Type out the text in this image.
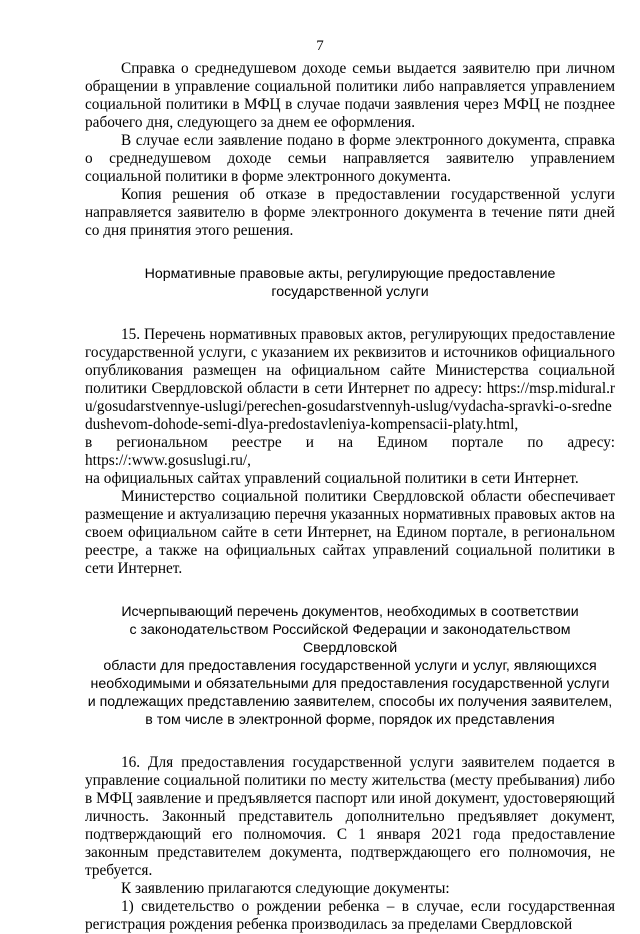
7

Справка о среднедушевом доходе семьи выдается заявителю при личном обращении в управление социальной политики либо направляется управлением социальной политики в МФЦ в случае подачи заявления через МФЦ не позднее рабочего дня, следующего за днем ее оформления.

В случае если заявление подано в форме электронного документа, справка о среднедушевом доходе семьи направляется заявителю управлением социальной политики в форме электронного документа.

Копия решения об отказе в предоставлении государственной услуги направляется заявителю в форме электронного документа в течение пяти дней со дня принятия этого решения.

Нормативные правовые акты, регулирующие предоставление
государственной услуги

15. Перечень нормативных правовых актов, регулирующих предоставление государственной услуги, с указанием их реквизитов и источников официального опубликования размещен на официальном сайте Министерства социальной политики Свердловской области в сети Интернет по адресу: https://msp.midural.ru/gosudarstvennye-uslugi/perechen-gosudarstvennyh-uslug/vydacha-spravki-o-srednedushevom-dohode-semi-dlya-predostavleniya-kompensacii-platy.html,

в региональном реестре и на Едином портале по адресу: https://:www.gosuslugi.ru/,

на официальных сайтах управлений социальной политики в сети Интернет.

Министерство социальной политики Свердловской области обеспечивает размещение и актуализацию перечня указанных нормативных правовых актов на своем официальном сайте в сети Интернет, на Едином портале, в региональном реестре, а также на официальных сайтах управлений социальной политики в сети Интернет.

Исчерпывающий перечень документов, необходимых в соответствии
с законодательством Российской Федерации и законодательством Свердловской
области для предоставления государственной услуги и услуг, являющихся
необходимыми и обязательными для предоставления государственной услуги
и подлежащих представлению заявителем, способы их получения заявителем,
в том числе в электронной форме, порядок их представления

16. Для предоставления государственной услуги заявителем подается в управление социальной политики по месту жительства (месту пребывания) либо в МФЦ заявление и предъявляется паспорт или иной документ, удостоверяющий личность. Законный представитель дополнительно предъявляет документ, подтверждающий его полномочия. С 1 января 2021 года предоставление законным представителем документа, подтверждающего его полномочия, не требуется.

К заявлению прилагаются следующие документы:

1) свидетельство о рождении ребенка – в случае, если государственная регистрация рождения ребенка производилась за пределами Свердловской
